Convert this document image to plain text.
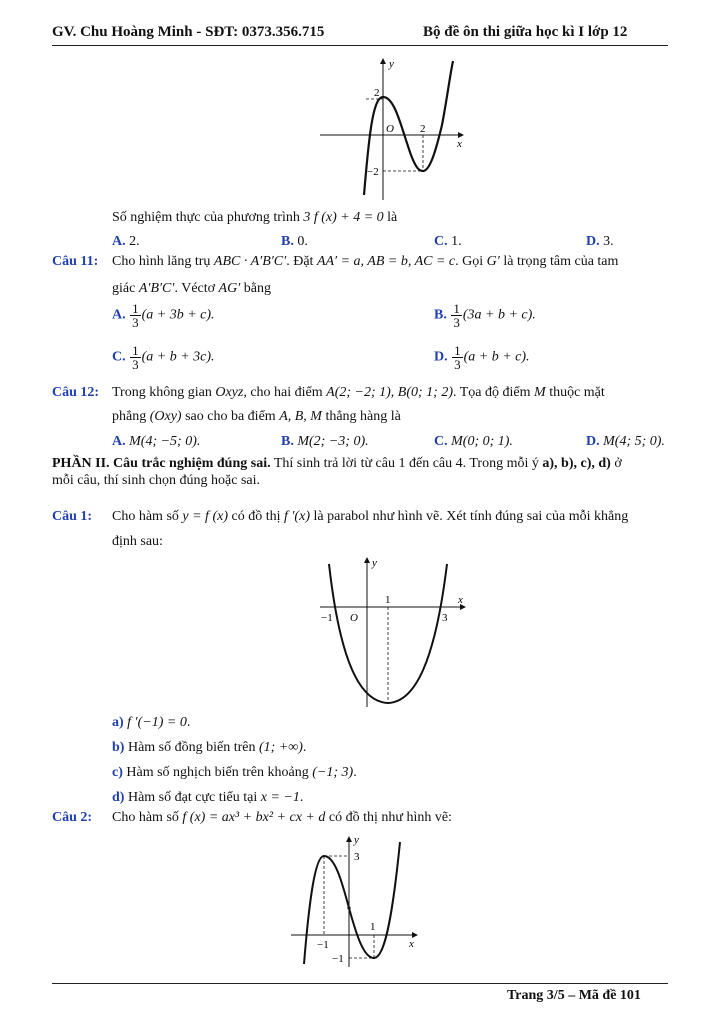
GV. Chu Hoàng Minh - SĐT: 0373.356.715	Bộ đề ôn thi giữa học kì I lớp 12
y
x
O
2
2
−2
Số nghiệm thực của phương trình 3 f (x) + 4 = 0 là
A. 2.	B. 0.	C. 1.	D. 3.
Câu 11: Cho hình lăng trụ ABC · A′B′C′. Đặt AA′ = a, AB = b, AC = c. Gọi G′ là trọng tâm của tam
giác A′B′C′. Véctơ AG′ bằng
A. $\frac{1}{3} (a + 3b + c)$.	B. $\frac{1}{3} (3a + b + c)$.
C. $\frac{1}{3} (a + b + 3c)$.	D. $\frac{1}{3} (a + b + c)$.
Câu 12: Trong không gian Oxyz, cho hai điểm A(2; −2; 1), B(0; 1; 2). Tọa độ điểm M thuộc mặt
phẳng (Oxy) sao cho ba điểm A, B, M thẳng hàng là
A. M(4; −5; 0).	B. M(2; −3; 0).	C. M(0; 0; 1).	D. M(4; 5; 0).
PHẦN II. Câu trắc nghiệm đúng sai. Thí sinh trả lời từ câu 1 đến câu 4. Trong mỗi ý a), b), c), d) ở
mỗi câu, thí sinh chọn đúng hoặc sai.
Câu 1: Cho hàm số y = f (x) có đồ thị f ′(x) là parabol như hình vẽ. Xét tính đúng sai của mỗi khẳng
định sau:
y
x
O
−1
1
3
a) f ′(−1) = 0.
b) Hàm số đồng biến trên (1; +∞).
c) Hàm số nghịch biến trên khoảng (−1; 3).
d) Hàm số đạt cực tiểu tại x = −1.
Câu 2: Cho hàm số f (x) = ax³ + bx² + cx + d có đồ thị như hình vẽ:
y
x
3
1
−1
−1
Trang 3/5 – Mã đề 101
